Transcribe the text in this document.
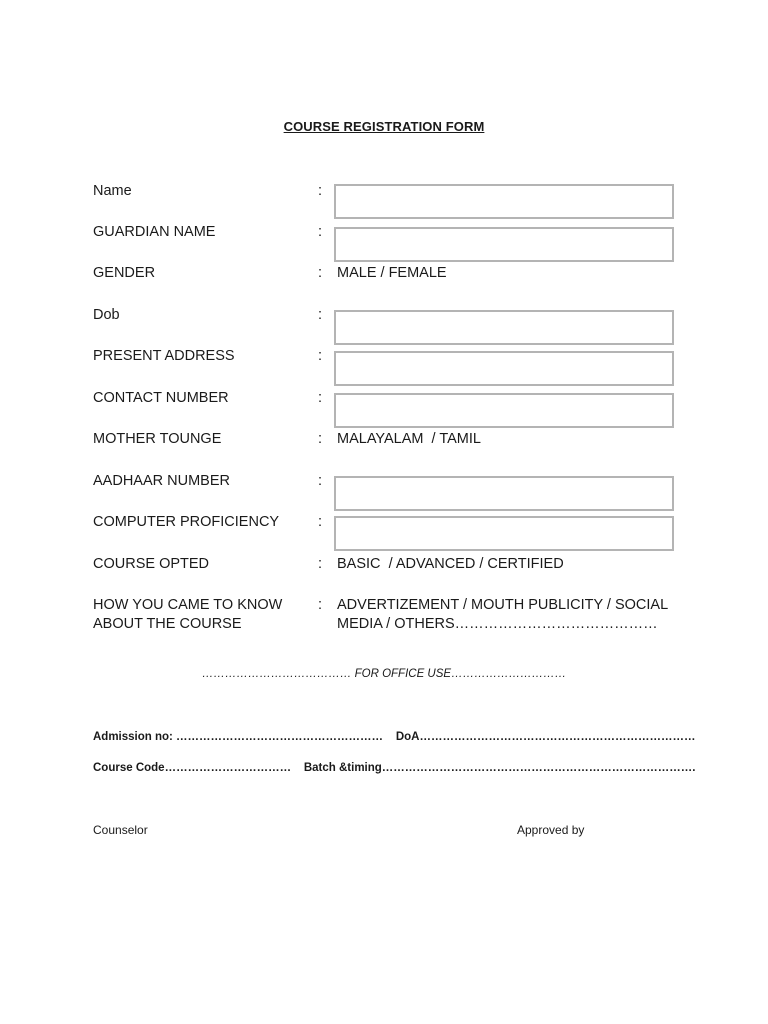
COURSE REGISTRATION FORM
Name	:
GUARDIAN NAME	:
GENDER	: MALE / FEMALE
Dob	:
PRESENT ADDRESS	:
CONTACT NUMBER	:
MOTHER TOUNGE	: MALAYALAM  / TAMIL
AADHAAR NUMBER	:
COMPUTER PROFICIENCY	:
COURSE OPTED	: BASIC  / ADVANCED / CERTIFIED
HOW YOU CAME TO KNOW
ABOUT THE COURSE
: ADVERTIZEMENT / MOUTH PUBLICITY / SOCIAL
MEDIA / OTHERS……………………………………
………………………………… FOR OFFICE USE…………………………
Admission no: ………………………………………………    DoA………………………………………………………………
Course Code……………………………    Batch &timing……………………………………………………………………….
Counselor	Approved by
